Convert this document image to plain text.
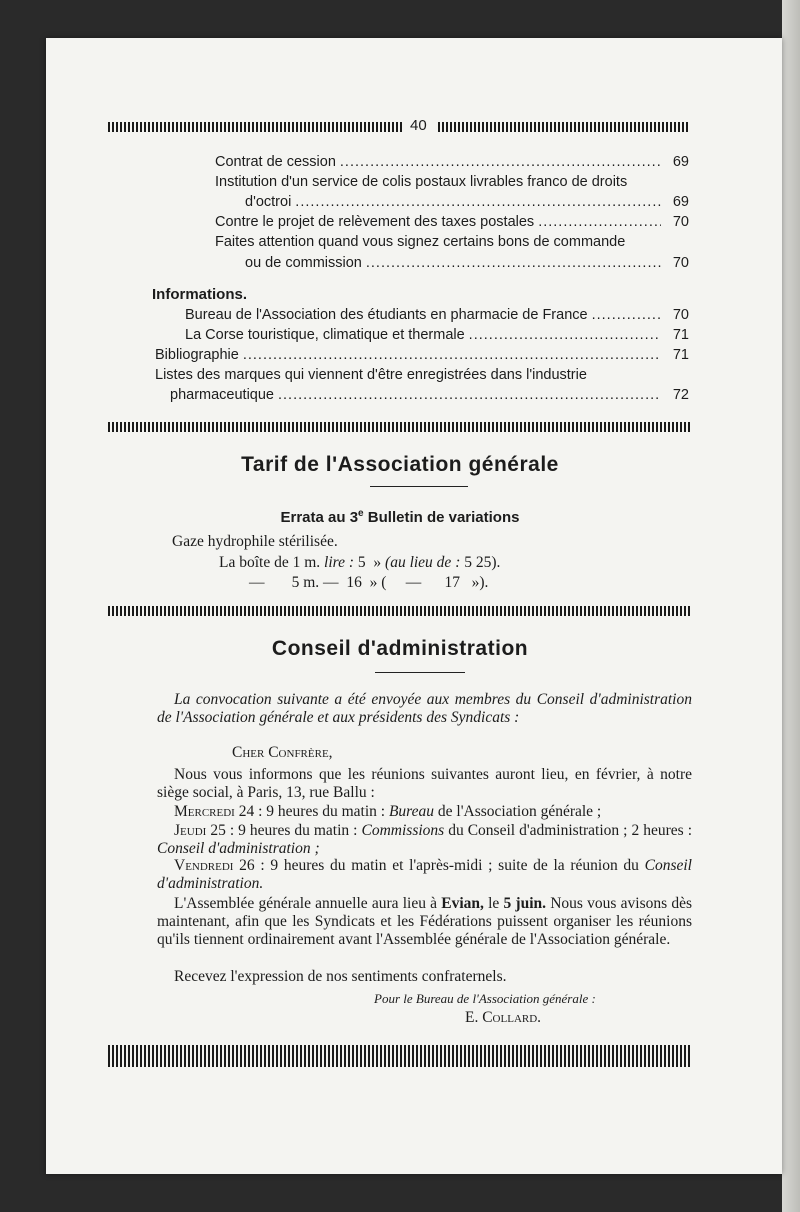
40
Contrat de cession .....	69
Institution d'un service de colis postaux livrables franco de droits
d'octroi .....	69
Contre le projet de relèvement des taxes postales .....	70
Faites attention quand vous signez certains bons de commande
ou de commission .....	70
Bureau de l'Association des étudiants en pharmacie de France .....	70
La Corse touristique, climatique et thermale .....	71
Bibliographie .....	71
Listes des marques qui viennent d'être enregistrées dans l'industrie
pharmaceutique .....	72
Informations.
Tarif de l'Association générale
Errata au 3e Bulletin de variations
Gaze hydrophile stérilisée.
La boîte de 1 m. lire : 5 » (au lieu de : 5 25).
— 5 m. — 16 » ( — 17 »).
Conseil d'administration
La convocation suivante a été envoyée aux membres du Conseil d'administration de l'Association générale et aux présidents des Syndicats :
Cher Confrère,
Nous vous informons que les réunions suivantes auront lieu, en février, à notre siège social, à Paris, 13, rue Ballu :
Mercredi 24 : 9 heures du matin : Bureau de l'Association générale ;
Jeudi 25 : 9 heures du matin : Commissions du Conseil d'administration ; 2 heures : Conseil d'administration ;
Vendredi 26 : 9 heures du matin et l'après-midi ; suite de la réunion du Conseil d'administration.
L'Assemblée générale annuelle aura lieu à Evian, le 5 juin. Nous vous avisons dès maintenant, afin que les Syndicats et les Fédérations puissent organiser les réunions qu'ils tiennent ordinairement avant l'Assemblée générale de l'Association générale.
Recevez l'expression de nos sentiments confraternels.
Pour le Bureau de l'Association générale :
E. Collard.
